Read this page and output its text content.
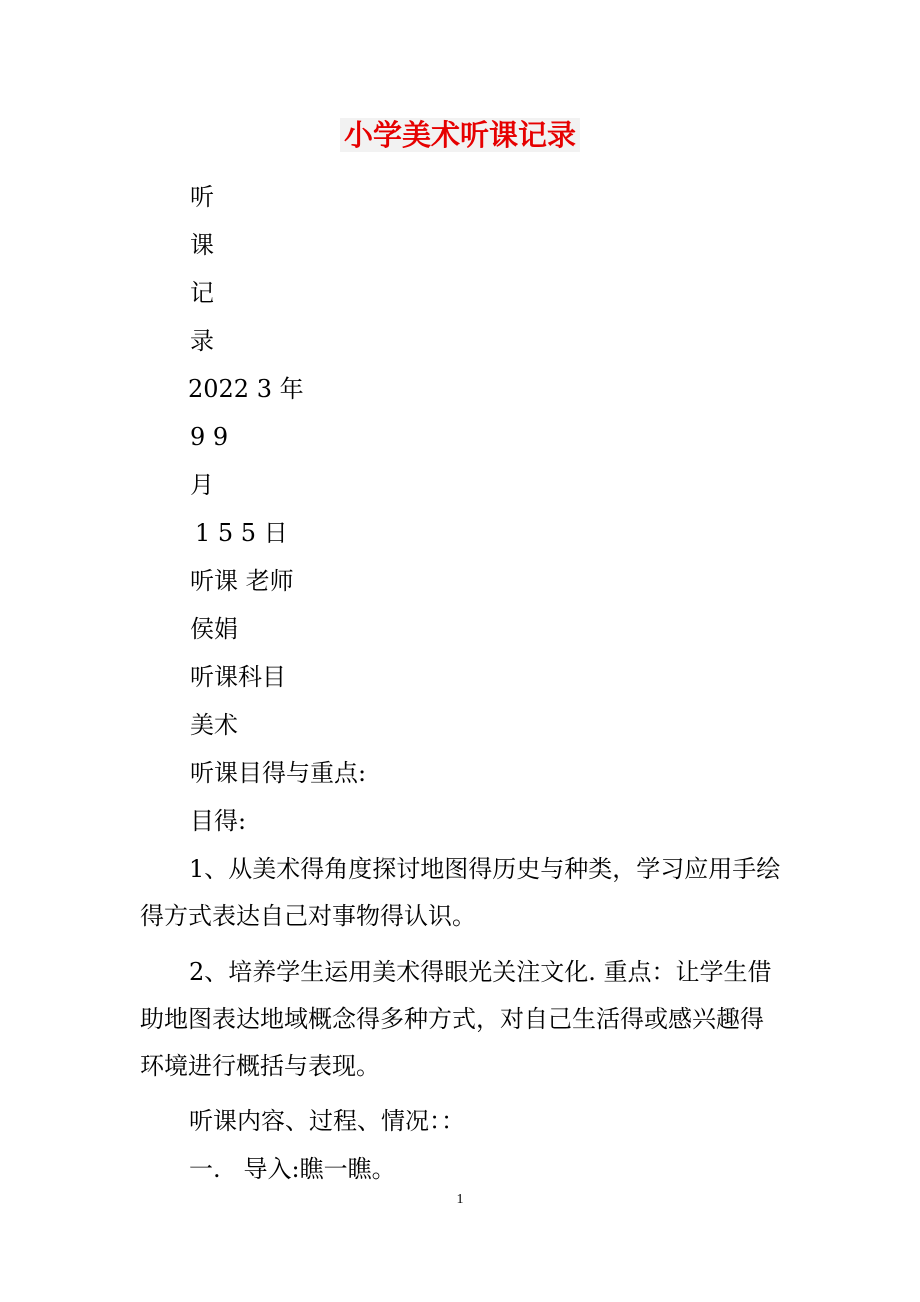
小学美术听课记录
听
课
记
录
2022 3 年
9 9
月
1 5 5 日
听课 老师
侯娟
听课科目
美术
听课目得与重点:
目得:
1、从美术得角度探讨地图得历史与种类，学习应用手绘得方式表达自己对事物得认识。
2、培养学生运用美术得眼光关注文化. 重点：让学生借助地图表达地域概念得多种方式，对自己生活得或感兴趣得环境进行概括与表现。
听课内容、过程、情况：：
一.   导入:瞧一瞧。
1
